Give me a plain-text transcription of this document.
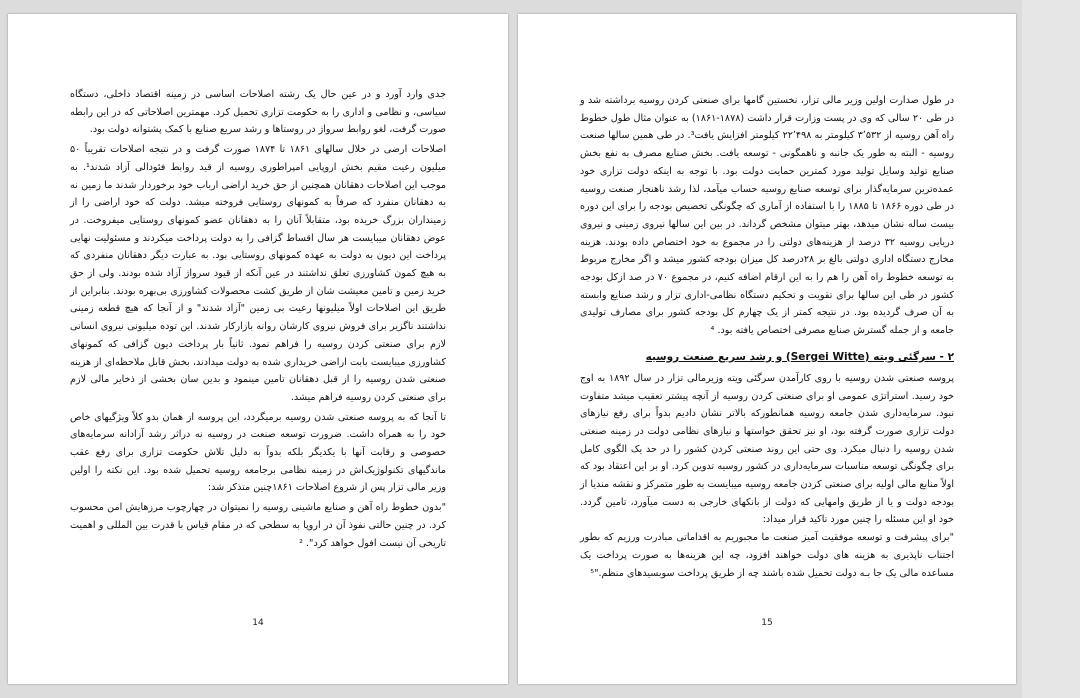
جدی وارد آورد و در عین حال یک رشته اصلاحات اساسی در زمینه اقتصاد داخلی، دستگاه سیاسی، و نظامی و اداری را به حکومت تزاری تحمیل کرد. مهمترین اصلاحاتی که در این رابطه صورت گرفت، لغو روابط سرواژ در روستاها و رشد سریع صنایع با کمک پشتوانه دولت بود.

اصلاحات ارضی در خلال سالهای ۱۸۶۱ تا ۱۸۷۴ صورت گرفت و در نتیجه اصلاحات تقریباً ۵۰ میلیون رعیت مقیم بخش اروپایی امپراطوری روسیه از قید روابط فئودالی آزاد شدند¹. به موجب این اصلاحات دهقانان همچنین از حق خرید اراضی ارباب خود برخوردار شدند ما زمین نه به دهقانان منفرد که صرفاً به کمونهای روستایی فروخته میشد. دولت که خود اراضی را از زمینداران بزرگ خریده بود، متقابلاً آنان را به دهقانان عضو کمونهای روستایی میفروخت. در عوض دهقانان میبایست هر سال اقساط گزافی را به دولت پرداخت میکردند و مسئولیت نهایی پرداخت این دیون به دولت به عهده کمونهای روستایی بود. به عبارت دیگر دهقانان منفردی که به هیچ کمون کشاورزی تعلق نداشتند در عین آنکه از قیود سرواژ آزاد شده بودند. ولی از حق خرید زمین و تامین معیشت شان از طریق کشت محصولات کشاورزی بی‌بهره بودند. بنابراین از طریق این اصلاحات اولاً میلیونها رعیت بی زمین "آزاد شدند" و از آنجا که هیچ قطعه زمینی نداشتند ناگزیر برای فروش نیروی کارشان روانه بازارکار شدند. این توده میلیونی نیروی انسانی لازم برای صنعتی کردن روسیه را فراهم نمود. ثانیاً بار پرداخت دیون گزافی که کمونهای کشاورزی میبایست بابت اراضی خریداری شده به دولت میدادند، بخش قابل ملاحظه‌ای از هزینه صنعتی شدن روسیه را از قبل دهقانان تامین مینمود و بدین سان بخشی از ذخایر مالی لازم برای صنعتی کردن روسیه فراهم میشد.

تا آنجا که به پروسه صنعتی شدن روسیه برمیگردد، این پروسه از همان بدو کلاً ویژگیهای خاص خود را به همراه داشت. ضرورت توسعه صنعت در روسیه نه دراثر رشد آزادانه سرمایه‌های خصوصی و رقابت آنها با یکدیگر بلکه بدواً به دلیل تلاش حکومت تزاری برای رفع عقب ماندگیهای تکنولوژیک‌اش در زمینه نظامی برجامعه روسیه تحمیل شده بود. این نکته را اولین وزیر مالی تزار پس از شروع اصلاحات ۱۸۶۱چنین متذکر شد:

"بدون خطوط راه آهن و صنایع ماشینی روسیه را نمیتوان در چهارچوب مرزهایش امن محسوب کرد. در چنین حالتی نفوذ آن در اروپا به سطحی که در مقام قیاس با قدرت بین المللی و اهمیت تاریخی آن نیست افول خواهد کرد". ²

14

در طول صدارت اولین وزیر مالی تزار، نخستین گامها برای صنعتی کردن روسیه برداشته شد و در طی ۲۰ سالی که وی در پست وزارت قرار داشت (۱۸۷۸-۱۸۶۱) به عنوان مثال طول خطوط راه آهن روسیه از ۳٬۵۳۲ کیلومتر به ۲۲٬۴۹۸ کیلومتر افزایش یافت³. در طی همین سالها صنعت روسیه - البته به طور یک جانبه و ناهمگونی - توسعه یافت. بخش صنایع مصرف به نفع بخش صنایع تولید وسایل تولید مورد کمترین حمایت دولت بود. با توجه به اینکه دولت تزاری خود عمده‌ترین سرمایه‌گذار برای توسعه صنایع روسیه حساب میآمد، لذا رشد ناهنجار صنعت روسیه در طی دوره ۱۸۶۶ تا ۱۸۸۵ را با استفاده از آماری که چگونگی تخصیص بودجه را برای این دوره بیست ساله نشان میدهد، بهتر میتوان مشخص گرداند. در بین این سالها نیروی زمینی و نیروی دریایی روسیه ۳۲ درصد از هزینه‌های دولتی را در مجموع به خود اختصاص داده بودند. هزینه مخارج دستگاه اداری دولتی بالغ بر ۲۸درصد کل میزان بودجه کشور میشد و اگر مخارج مربوط به توسعه خطوط راه آهن را هم را به این ارقام اضافه کنیم، در مجموع ۷۰ در صد ازکل بودجه کشور در طی این سالها برای تقویت و تحکیم دستگاه نظامی-اداری تزار و رشد صنایع وابسته به آن صرف گردیده بود. در نتیجه کمتر از یک چهارم کل بودجه کشور برای مصارف تولیدی جامعه و از جمله گسترش صنایع مصرفی اختصاص یافته بود. ⁴

۲ - سرگئی ویته (Sergei Witte) و رشد سریع صنعت روسیه

پروسه صنعتی شدن روسیه با روی کارآمدن سرگئی ویته وزیرمالی تزار در سال ۱۸۹۲ به اوج خود رسید. استراتژی عمومی او برای صنعتی کردن روسیه از آنچه پیشتر تعقیب میشد متفاوت نبود. سرمایه‌داری شدن جامعه روسیه همانطورکه بالاتر نشان دادیم بدواً برای رفع نیازهای دولت تزاری صورت گرفته بود، او نیز تحقق خواستها و نیازهای نظامی دولت در زمینه صنعتی شدن روسیه را دنبال میکرد. وی حتی این روند صنعتی کردن کشور را در حد یک الگوی کامل برای چگونگی توسعه مناسبات سرمایه‌داری در کشور روسیه تدوین کرد. او بر این اعتقاد بود که اولاً منابع مالی اولیه برای صنعتی کردن جامعه روسیه میبایست به طور متمرکز و نقشه مندیا از بودجه دولت و یا از طریق وامهایی که دولت از بانکهای خارجی به دست میآورد، تامین گردد. خود او این مسئله را چنین مورد تاکید قرار میداد:

"برای پیشرفت و توسعه موفقیت آمیز صنعت ما مجبوریم به اقداماتی مبادرت ورزیم که بطور اجتناب ناپذیری به هزینه های دولت خواهند افزود، چه این هزینه‌ها به صورت پرداخت یک مساعده مالی یک جا بـه دولت تحمیل شده باشند چه از طریق پرداخت سوبسیدهای منظم."⁵

15
